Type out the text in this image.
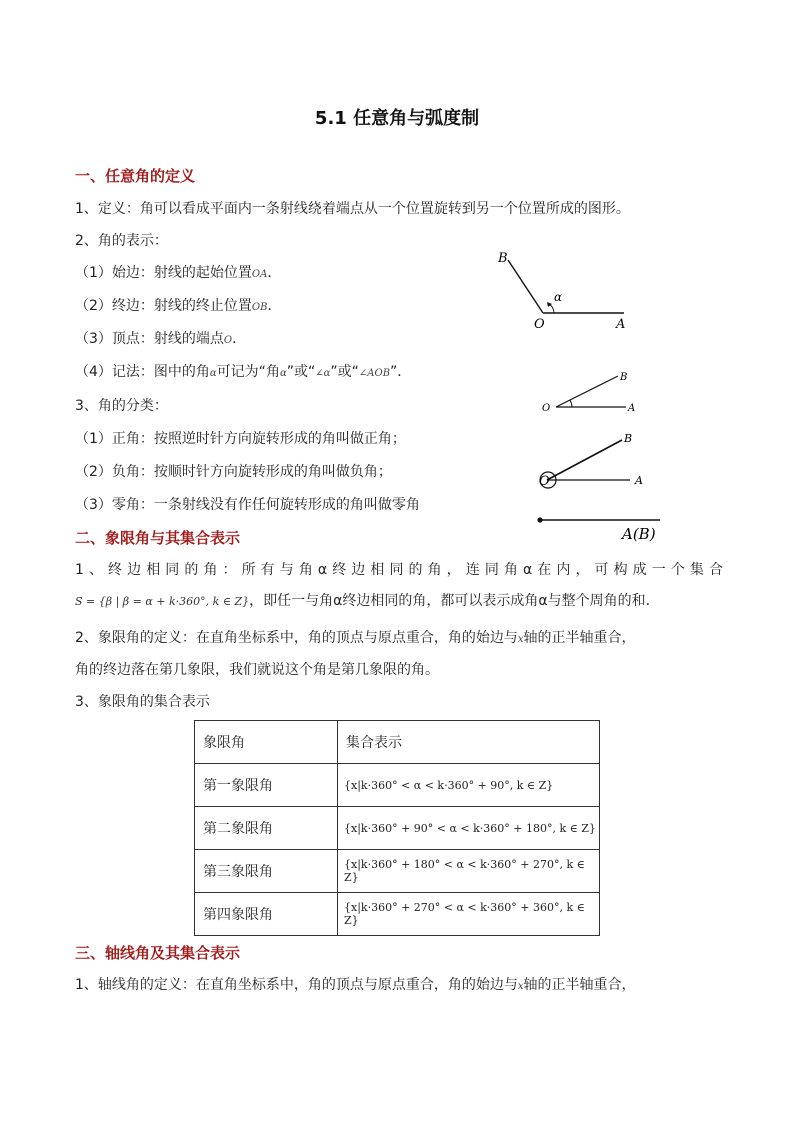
5.1 任意角与弧度制
一、任意角的定义
1、定义：角可以看成平面内一条射线绕着端点从一个位置旋转到另一个位置所成的图形。
2、角的表示：
（1）始边：射线的起始位置OA．
（2）终边：射线的终止位置OB．
（3）顶点：射线的端点O．
（4）记法：图中的角α可记为“角α”或“∠α”或“∠AOB”．
3、角的分类：
（1）正角：按照逆时针方向旋转形成的角叫做正角；
（2）负角：按顺时针方向旋转形成的角叫做负角；
（3）零角：一条射线没有作任何旋转形成的角叫做零角
B
α
O	A
B
O	A
B
O	A
A(B)
二、象限角与其集合表示
1、终边相同的角：所有与角α终边相同的角，连同角α在内，可构成一个集合
S = {β | β = α + k·360°, k ∈ Z}，即任一与角α终边相同的角，都可以表示成角α与整个周角的和.
2、象限角的定义：在直角坐标系中，角的顶点与原点重合，角的始边与x轴的正半轴重合，
角的终边落在第几象限，我们就说这个角是第几象限的角。
3、象限角的集合表示
象限角	集合表示
第一象限角	{x|k·360° < α < k·360° + 90°, k ∈ Z}
第二象限角	{x|k·360° + 90° < α < k·360° + 180°, k ∈ Z}
第三象限角	{x|k·360° + 180° < α < k·360° + 270°, k ∈ Z}
第四象限角	{x|k·360° + 270° < α < k·360° + 360°, k ∈ Z}
三、轴线角及其集合表示
1、轴线角的定义：在直角坐标系中，角的顶点与原点重合，角的始边与x轴的正半轴重合，
